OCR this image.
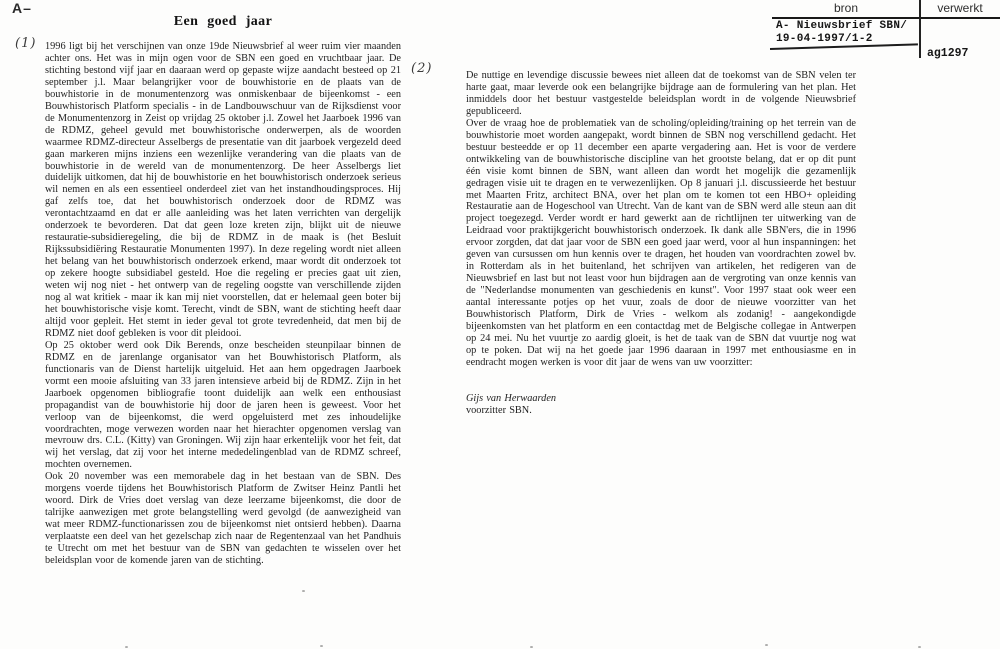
A–
Een goed jaar
bron	verwerkt
A- Nieuwsbrief SBN/
19-04-1997/1-2
ag1297
(1)
(2)

1996 ligt bij het verschijnen van onze 19de Nieuwsbrief al weer ruim vier maanden achter ons. Het was in mijn ogen voor de SBN een goed en vruchtbaar jaar. De stichting bestond vijf jaar en daaraan werd op gepaste wijze aandacht besteed op 21 september j.l. Maar belangrijker voor de bouwhistorie en de plaats van de bouwhistorie in de monumentenzorg was onmiskenbaar de bijeenkomst - een Bouwhistorisch Platform specialis - in de Landbouwschuur van de Rijksdienst voor de Monumentenzorg in Zeist op vrijdag 25 oktober j.l. Zowel het Jaarboek 1996 van de RDMZ, geheel gevuld met bouwhistorische onderwerpen, als de woorden waarmee RDMZ-directeur Asselbergs de presentatie van dit jaarboek vergezeld deed gaan markeren mijns inziens een wezenlijke verandering van die plaats van de bouwhistorie in de wereld van de monumentenzorg. De heer Asselbergs liet duidelijk uitkomen, dat hij de bouwhistorie en het bouwhistorisch onderzoek serieus wil nemen en als een essentieel onderdeel ziet van het instandhoudingsproces. Hij gaf zelfs toe, dat het bouwhistorisch onderzoek door de RDMZ was verontachtzaamd en dat er alle aanleiding was het laten verrichten van dergelijk onderzoek te bevorderen. Dat dat geen loze kreten zijn, blijkt uit de nieuwe restauratie-subsidieregeling, die bij de RDMZ in de maak is (het Besluit Rijkssubsidiëring Restauratie Monumenten 1997). In deze regeling wordt niet alleen het belang van het bouwhistorisch onderzoek erkend, maar wordt dit onderzoek tot op zekere hoogte subsidiabel gesteld. Hoe die regeling er precies gaat uit zien, weten wij nog niet - het ontwerp van de regeling oogstte van verschillende zijden nog al wat kritiek - maar ik kan mij niet voorstellen, dat er helemaal geen boter bij het bouwhistorische visje komt. Terecht, vindt de SBN, want de stichting heeft daar altijd voor gepleit. Het stemt in ieder geval tot grote tevredenheid, dat men bij de RDMZ niet doof gebleken is voor dit pleidooi.

Op 25 oktober werd ook Dik Berends, onze bescheiden steunpilaar binnen de RDMZ en de jarenlange organisator van het Bouwhistorisch Platform, als functionaris van de Dienst hartelijk uitgeluid. Het aan hem opgedragen Jaarboek vormt een mooie afsluiting van 33 jaren intensieve arbeid bij de RDMZ. Zijn in het Jaarboek opgenomen bibliografie toont duidelijk aan welk een enthousiast propagandist van de bouwhistorie hij door de jaren heen is geweest. Voor het verloop van de bijeenkomst, die werd opgeluisterd met zes inhoudelijke voordrachten, moge verwezen worden naar het hierachter opgenomen verslag van mevrouw drs. C.L. (Kitty) van Groningen. Wij zijn haar erkentelijk voor het feit, dat wij het verslag, dat zij voor het interne mededelingenblad van de RDMZ schreef, mochten overnemen.

Ook 20 november was een memorabele dag in het bestaan van de SBN. Des morgens voerde tijdens het Bouwhistorisch Platform de Zwitser Heinz Pantli het woord. Dirk de Vries doet verslag van deze leerzame bijeenkomst, die door de talrijke aanwezigen met grote belangstelling werd gevolgd (de aanwezigheid van wat meer RDMZ-functionarissen zou de bijeenkomst niet ontsierd hebben). Daarna verplaatste een deel van het gezelschap zich naar de Regentenzaal van het Pandhuis te Utrecht om met het bestuur van de SBN van gedachten te wisselen over het beleidsplan voor de komende jaren van de stichting.

De nuttige en levendige discussie bewees niet alleen dat de toekomst van de SBN velen ter harte gaat, maar leverde ook een belangrijke bijdrage aan de formulering van het plan. Het inmiddels door het bestuur vastgestelde beleidsplan wordt in de volgende Nieuwsbrief gepubliceerd.

Over de vraag hoe de problematiek van de scholing/opleiding/training op het terrein van de bouwhistorie moet worden aangepakt, wordt binnen de SBN nog verschillend gedacht. Het bestuur besteedde er op 11 december een aparte vergadering aan. Het is voor de verdere ontwikkeling van de bouwhistorische discipline van het grootste belang, dat er op dit punt één visie komt binnen de SBN, want alleen dan wordt het mogelijk die gezamenlijk gedragen visie uit te dragen en te verwezenlijken. Op 8 januari j.l. discussieerde het bestuur met Maarten Fritz, architect BNA, over het plan om te komen tot een HBO+ opleiding Restauratie aan de Hogeschool van Utrecht. Van de kant van de SBN werd alle steun aan dit project toegezegd. Verder wordt er hard gewerkt aan de richtlijnen ter uitwerking van de Leidraad voor praktijkgericht bouwhistorisch onderzoek. Ik dank alle SBN'ers, die in 1996 ervoor zorgden, dat dat jaar voor de SBN een goed jaar werd, voor al hun inspanningen: het geven van cursussen om hun kennis over te dragen, het houden van voordrachten zowel bv. in Rotterdam als in het buitenland, het schrijven van artikelen, het redigeren van de Nieuwsbrief en last but not least voor hun bijdragen aan de vergroting van onze kennis van de "Nederlandse monumenten van geschiedenis en kunst". Voor 1997 staat ook weer een aantal interessante potjes op het vuur, zoals de door de nieuwe voorzitter van het Bouwhistorisch Platform, Dirk de Vries - welkom als zodanig! - aangekondigde bijeenkomsten van het platform en een contactdag met de Belgische collegae in Antwerpen op 24 mei. Nu het vuurtje zo aardig gloeit, is het de taak van de SBN dat vuurtje nog wat op te poken. Dat wij na het goede jaar 1996 daaraan in 1997 met enthousiasme en in eendracht mogen werken is voor dit jaar de wens van uw voorzitter:

Gijs van Herwaarden
voorzitter SBN.
